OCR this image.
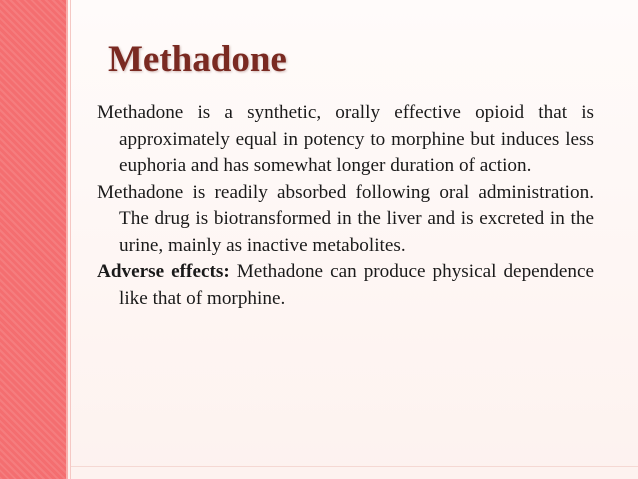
Methadone

Methadone is a synthetic, orally effective opioid that is approximately equal in potency to morphine but induces less euphoria and has somewhat longer duration of action.

Methadone is readily absorbed following oral administration. The drug is biotransformed in the liver and is excreted in the urine, mainly as inactive metabolites.

Adverse effects: Methadone can produce physical dependence like that of morphine.
